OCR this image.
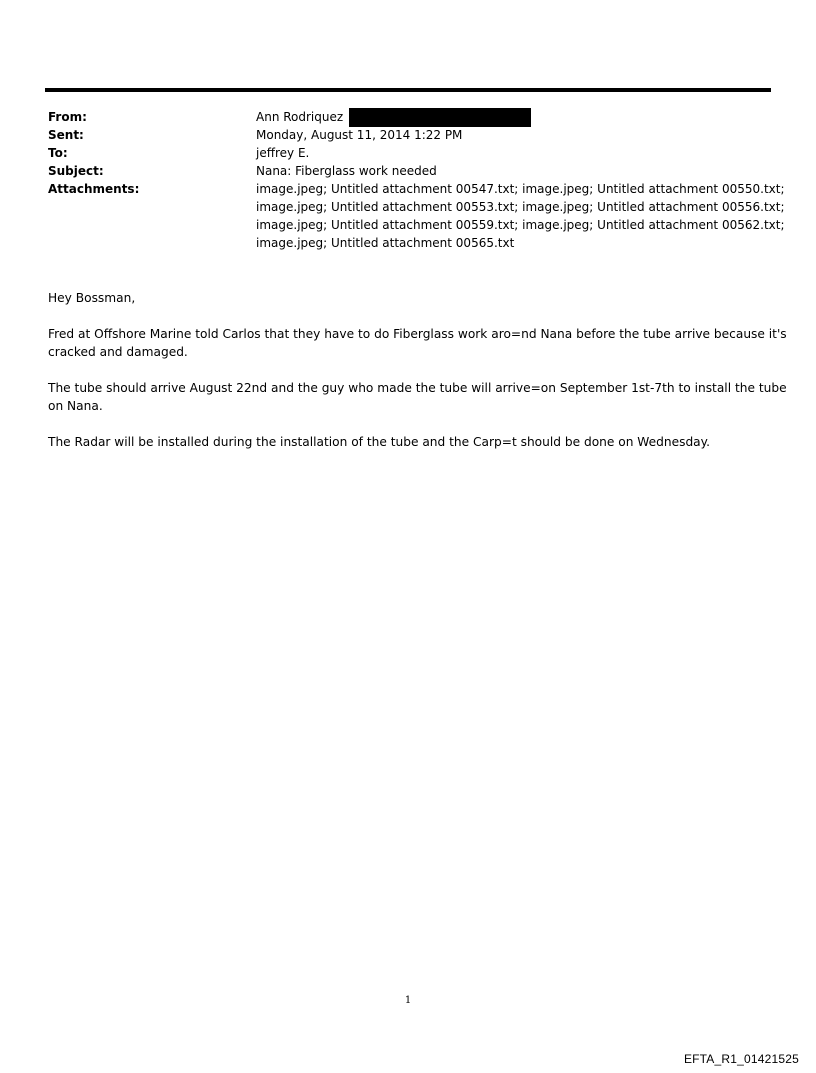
From:	Ann Rodriquez
Sent:	Monday, August 11, 2014 1:22 PM
To:	jeffrey E.
Subject:	Nana: Fiberglass work needed
Attachments:	image.jpeg; Untitled attachment 00547.txt; image.jpeg; Untitled attachment 00550.txt;
image.jpeg; Untitled attachment 00553.txt; image.jpeg; Untitled attachment 00556.txt;
image.jpeg; Untitled attachment 00559.txt; image.jpeg; Untitled attachment 00562.txt;
image.jpeg; Untitled attachment 00565.txt
Hey Bossman,
Fred at Offshore Marine told Carlos that they have to do Fiberglass work aro=nd Nana before the tube arrive because it's
cracked and damaged.
The tube should arrive August 22nd and the guy who made the tube will arrive=on September 1st-7th to install the tube
on Nana.
The Radar will be installed during the installation of the tube and the Carp=t should be done on Wednesday.
1
EFTA_R1_01421525
